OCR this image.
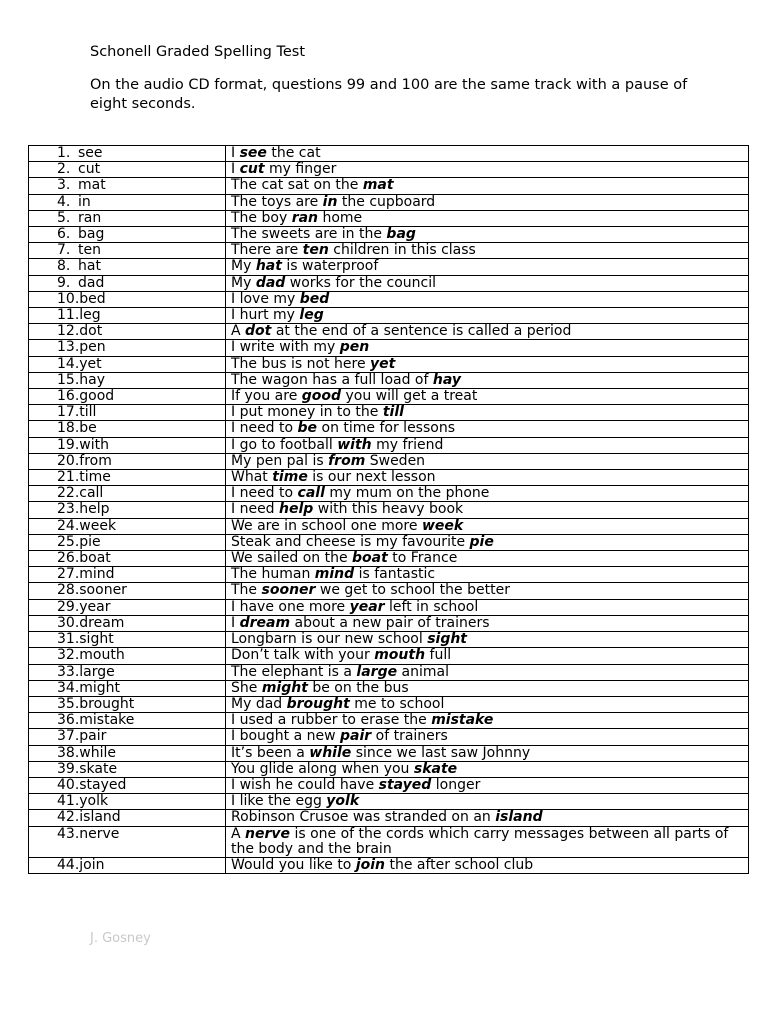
Schonell Graded Spelling Test
On the audio CD format, questions 99 and 100 are the same track with a pause of eight seconds.
1. see	I see the cat
2. cut	I cut my finger
3. mat	The cat sat on the mat
4. in	The toys are in the cupboard
5. ran	The boy ran home
6. bag	The sweets are in the bag
7. ten	There are ten children in this class
8. hat	My hat is waterproof
9. dad	My dad works for the council
10.bed	I love my bed
11.leg	I hurt my leg
12.dot	A dot at the end of a sentence is called a period
13.pen	I write with my pen
14.yet	The bus is not here yet
15.hay	The wagon has a full load of hay
16.good	If you are good you will get a treat
17.till	I put money in to the till
18.be	I need to be on time for lessons
19.with	I go to football with my friend
20.from	My pen pal is from Sweden
21.time	What time is our next lesson
22.call	I need to call my mum on the phone
23.help	I need help with this heavy book
24.week	We are in school one more week
25.pie	Steak and cheese is my favourite pie
26.boat	We sailed on the boat to France
27.mind	The human mind is fantastic
28.sooner	The sooner we get to school the better
29.year	I have one more year left in school
30.dream	I dream about a new pair of trainers
31.sight	Longbarn is our new school sight
32.mouth	Don’t talk with your mouth full
33.large	The elephant is a large animal
34.might	She might be on the bus
35.brought	My dad brought me to school
36.mistake	I used a rubber to erase the mistake
37.pair	I bought a new pair of trainers
38.while	It’s been a while since we last saw Johnny
39.skate	You glide along when you skate
40.stayed	I wish he could have stayed longer
41.yolk	I like the egg yolk
42.island	Robinson Crusoe was stranded on an island
43.nerve	A nerve is one of the cords which carry messages between all parts of the body and the brain
44.join	Would you like to join the after school club
J. Gosney
